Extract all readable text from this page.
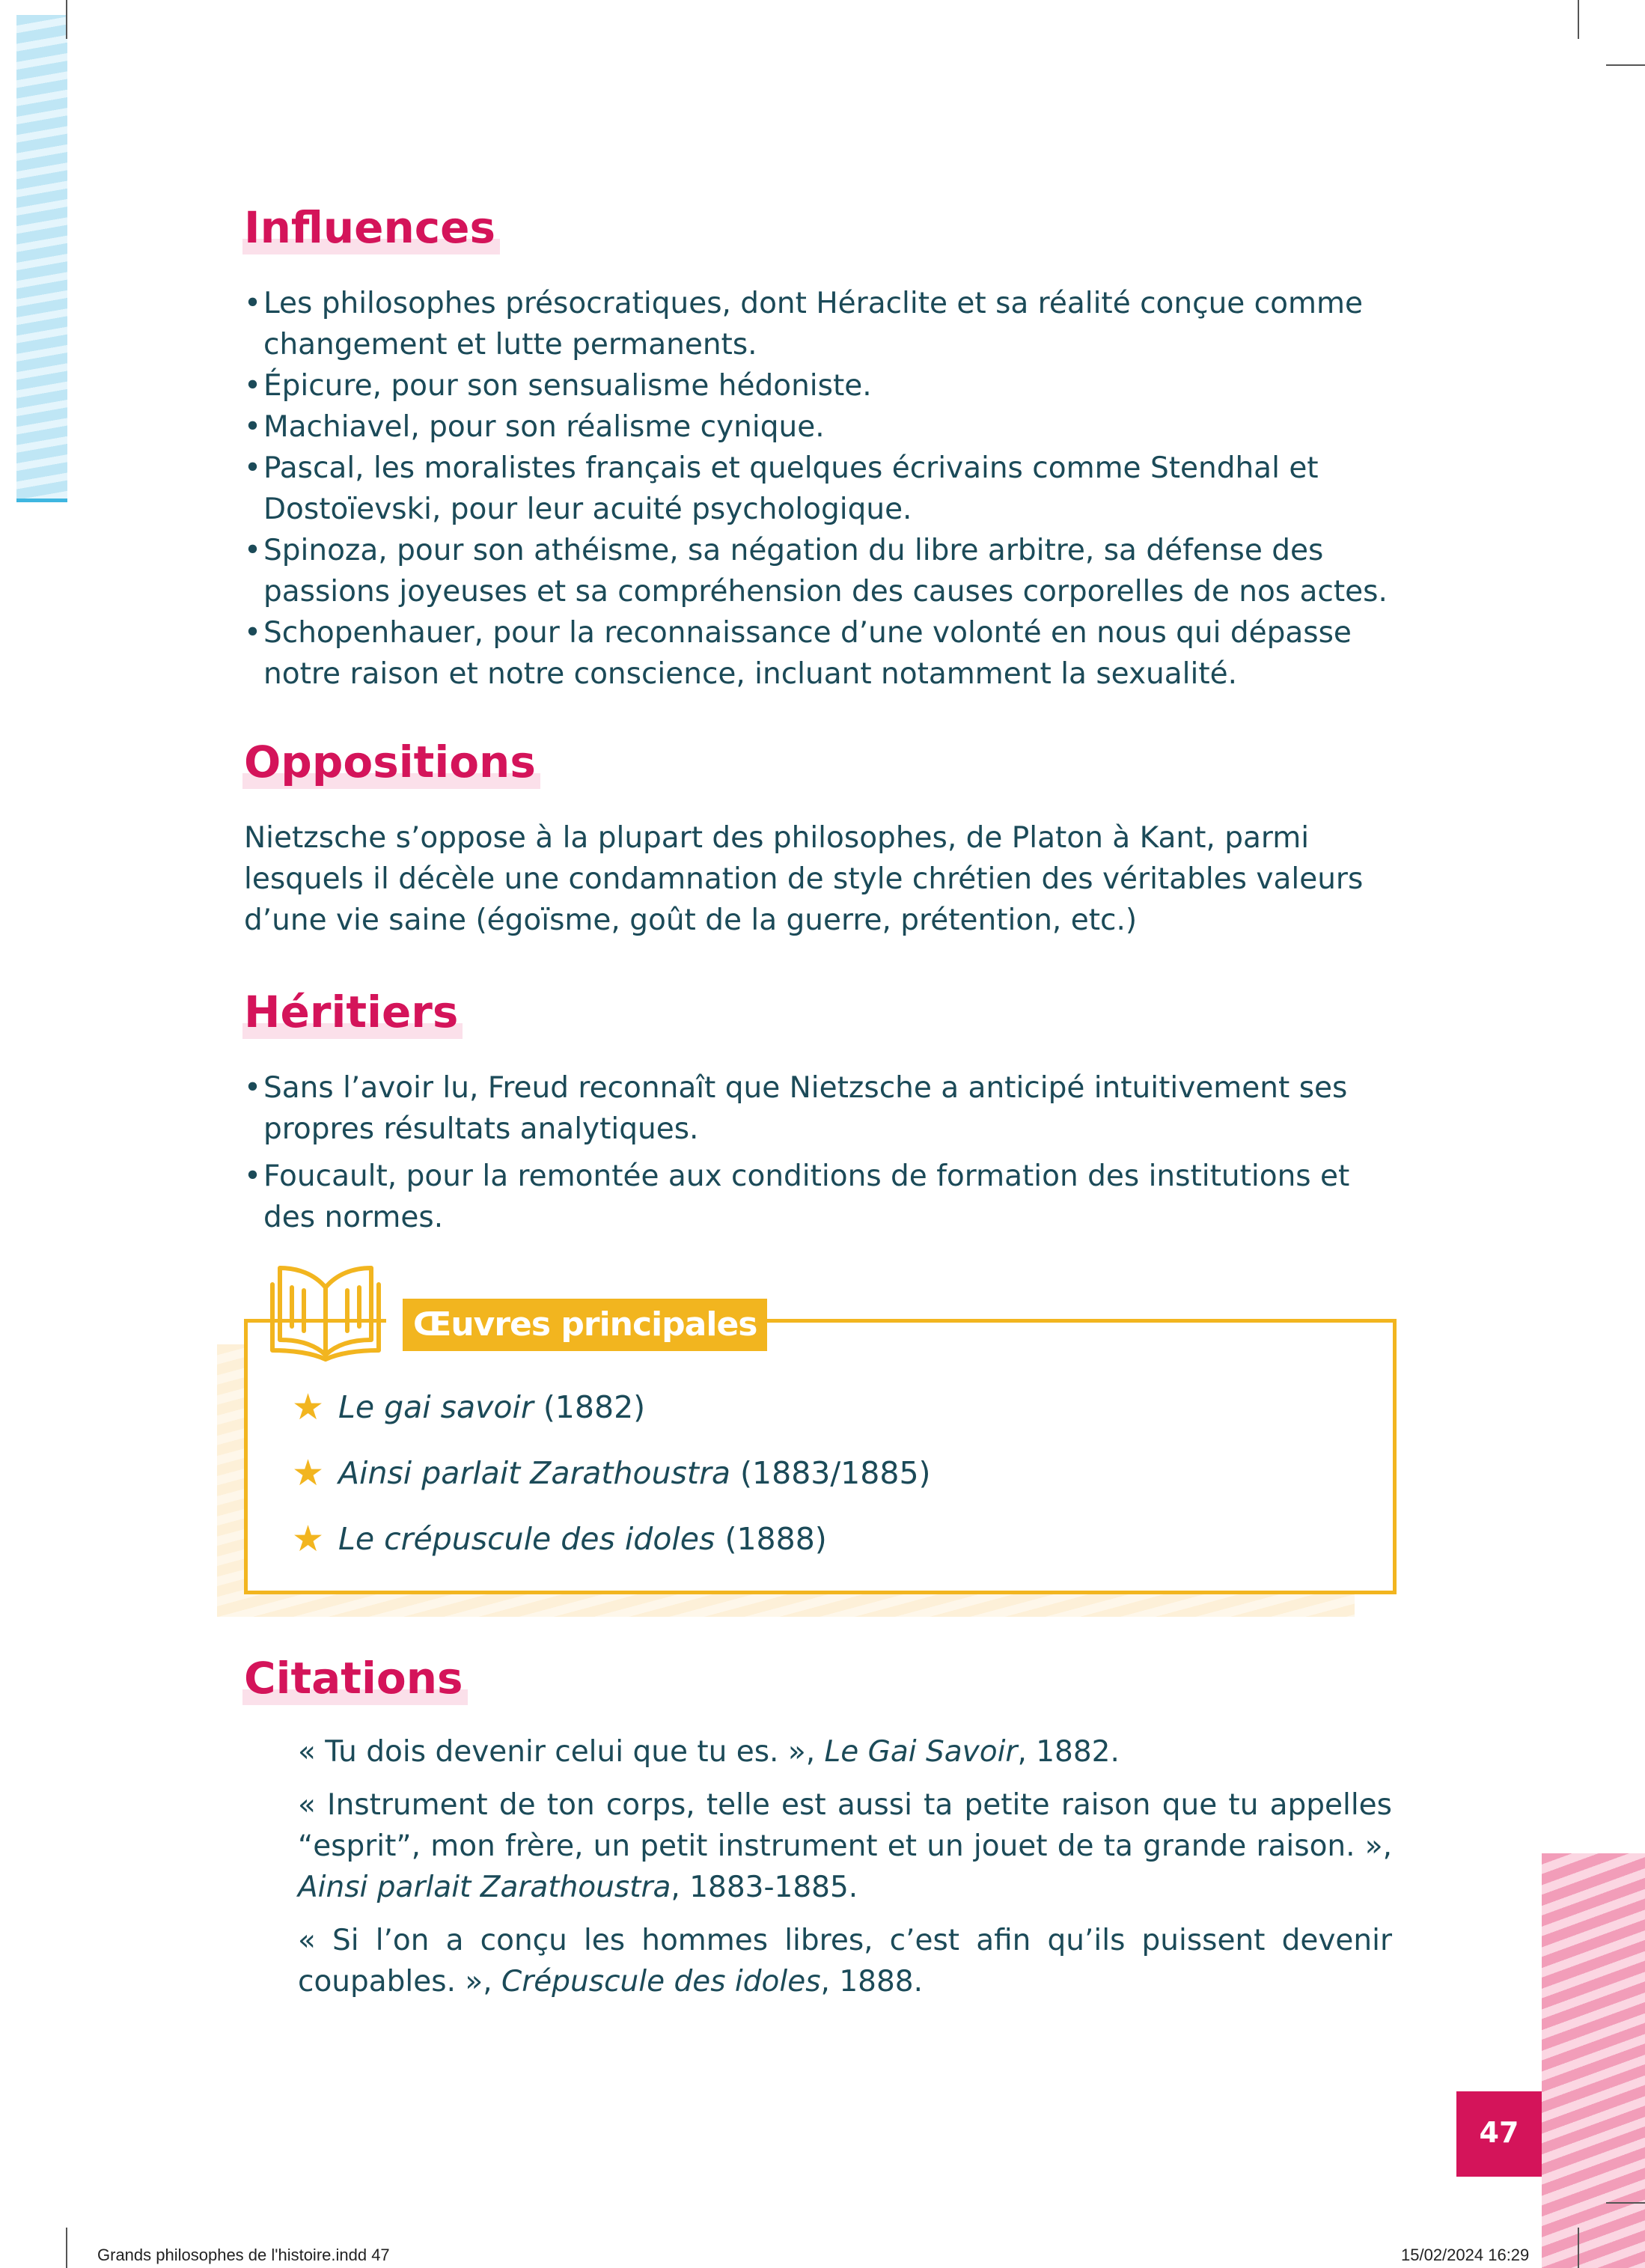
Influences
• Les philosophes présocratiques, dont Héraclite et sa réalité conçue comme changement et lutte permanents.
• Épicure, pour son sensualisme hédoniste.
• Machiavel, pour son réalisme cynique.
• Pascal, les moralistes français et quelques écrivains comme Stendhal et Dostoïevski, pour leur acuité psychologique.
• Spinoza, pour son athéisme, sa négation du libre arbitre, sa défense des passions joyeuses et sa compréhension des causes corporelles de nos actes.
• Schopenhauer, pour la reconnaissance d’une volonté en nous qui dépasse notre raison et notre conscience, incluant notamment la sexualité.
Oppositions

Nietzsche s’oppose à la plupart des philosophes, de Platon à Kant, parmi lesquels il décèle une condamnation de style chrétien des véritables valeurs d’une vie saine (égoïsme, goût de la guerre, prétention, etc.)

Héritiers
• Sans l’avoir lu, Freud reconnaît que Nietzsche a anticipé intuitivement ses propres résultats analytiques.
• Foucault, pour la remontée aux conditions de formation des institutions et des normes.
Œuvres principales
★ Le gai savoir
(1882)
★ Ainsi parlait Zarathoustra
(1883/1885)
★ Le crépuscule des idoles
(1888)
Citations

« Tu dois devenir celui que tu es. », Le Gai Savoir, 1882.

« Instrument de ton corps, telle est aussi ta petite raison que tu appelles “esprit”, mon frère, un petit instrument et un jouet de ta grande raison. », Ainsi parlait Zarathoustra, 1883-1885.

« Si l’on a conçu les hommes libres, c’est afin qu’ils puissent devenir coupables. », Crépuscule des idoles, 1888.

47
Grands philosophes de l'histoire.indd 47	15/02/2024 16:29
